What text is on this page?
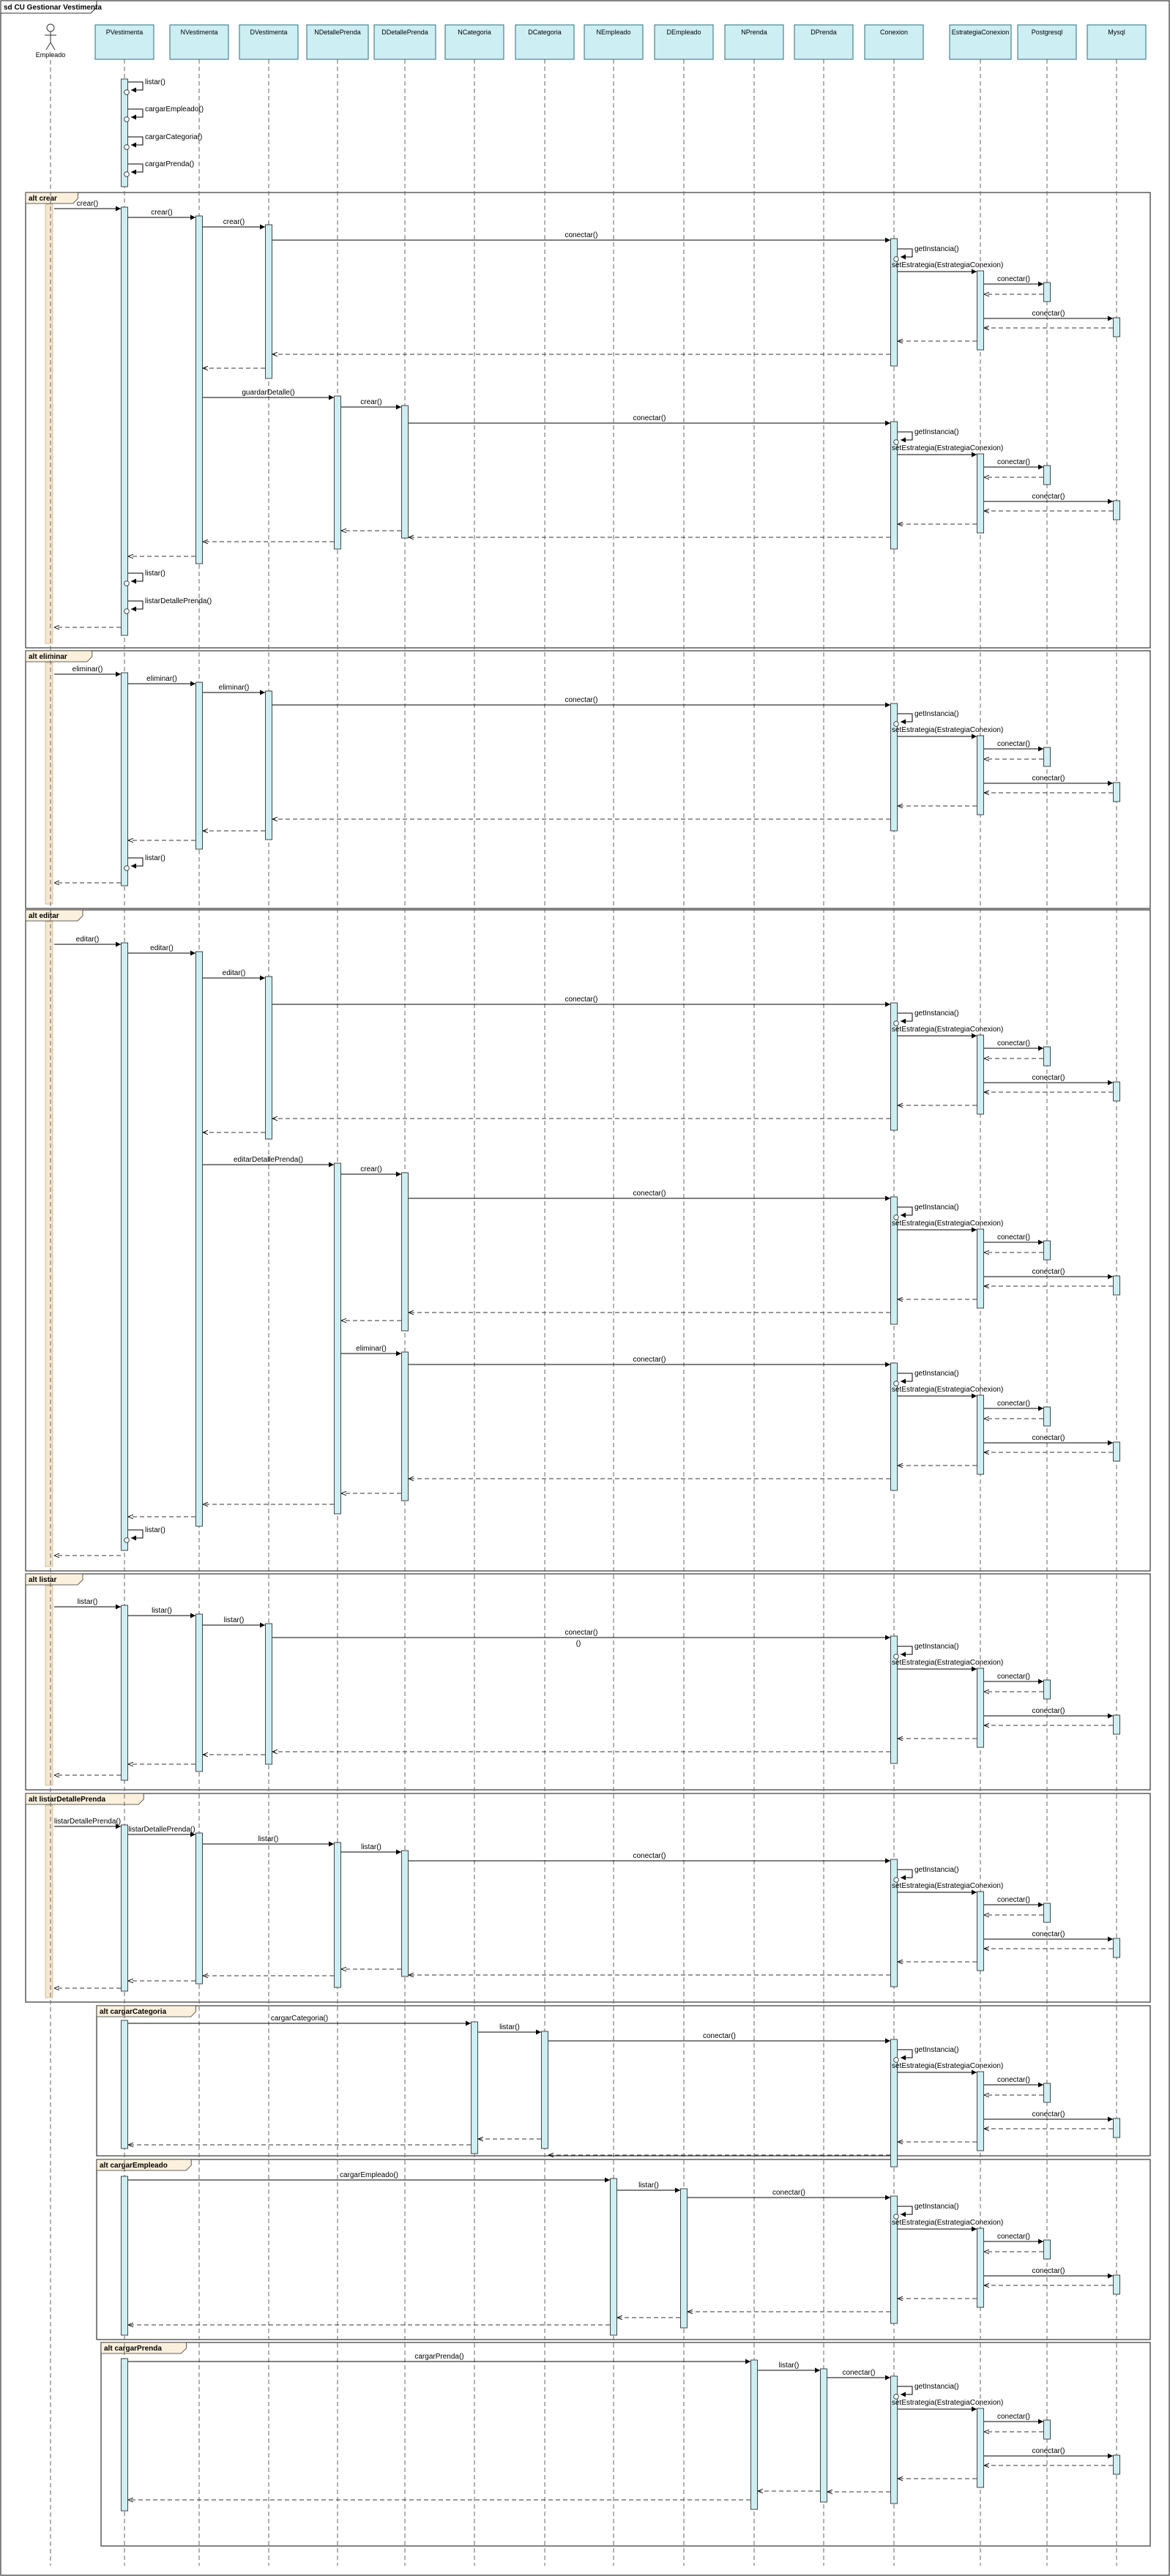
sd CU Gestionar Vestimenta
alt crear
alt eliminar
alt editar
alt listar
alt listarDetallePrenda
alt cargarCategoria
alt cargarEmpleado
alt cargarPrenda
listar()
cargarEmpleado()
cargarCategoria()
cargarPrenda()
crear()
crear()
crear()
conectar()
getInstancia()
setEstrategia(EstrategiaConexion)
conectar()
conectar()
guardarDetalle()
crear()
conectar()
getInstancia()
setEstrategia(EstrategiaConexion)
conectar()
conectar()
listar()
listarDetallePrenda()
eliminar()
eliminar()
eliminar()
conectar()
getInstancia()
setEstrategia(EstrategiaConexion)
conectar()
conectar()
listar()
editar()
editar()
editar()
conectar()
getInstancia()
setEstrategia(EstrategiaConexion)
conectar()
conectar()
editarDetallePrenda()
crear()
conectar()
getInstancia()
setEstrategia(EstrategiaConexion)
conectar()
conectar()
eliminar()
conectar()
getInstancia()
setEstrategia(EstrategiaConexion)
conectar()
conectar()
listar()
listar()
listar()
listar()
conectar()
getInstancia()
setEstrategia(EstrategiaConexion)
conectar()
conectar()
()
listarDetallePrenda()
listarDetallePrenda()
listar()
listar()
conectar()
getInstancia()
setEstrategia(EstrategiaConexion)
conectar()
conectar()
cargarCategoria()
listar()
conectar()
getInstancia()
setEstrategia(EstrategiaConexion)
conectar()
conectar()
cargarEmpleado()
listar()
conectar()
getInstancia()
setEstrategia(EstrategiaConexion)
conectar()
conectar()
cargarPrenda()
listar()
conectar()
getInstancia()
setEstrategia(EstrategiaConexion)
conectar()
conectar()
PVestimenta	NVestimenta	DVestimenta	NDetallePrenda	DDetallePrenda	NCategoria	DCategoria	NEmpleado	DEmpleado	NPrenda	DPrenda	Conexion	EstrategiaConexion	Postgresql	Mysql
Empleado
